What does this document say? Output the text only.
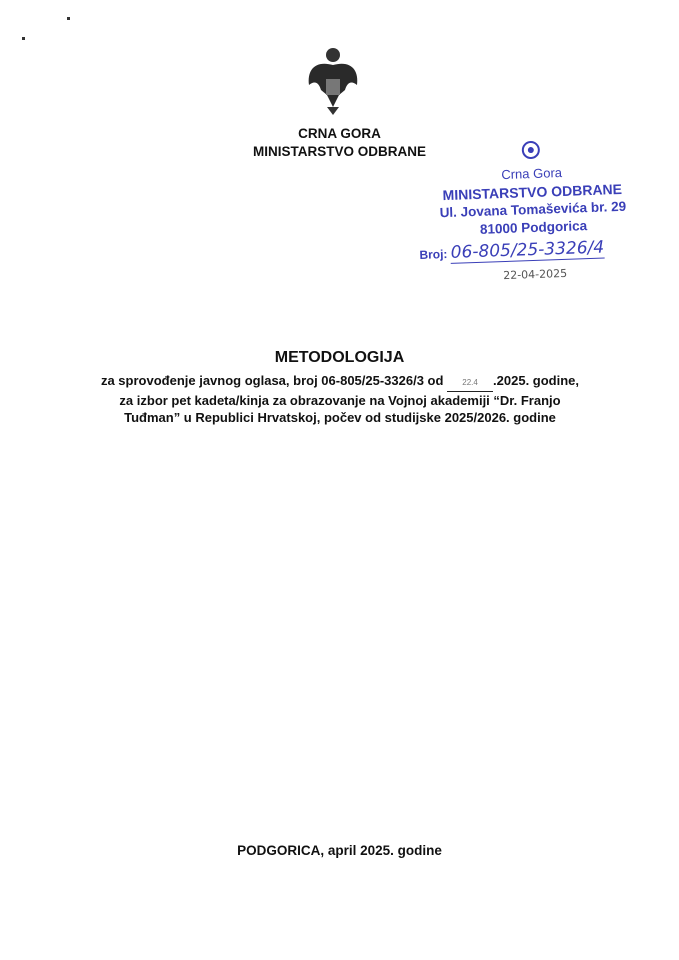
CRNA GORA
MINISTARSTVO ODBRANE
Crna Gora
MINISTARSTVO ODBRANE
Ul. Jovana Tomaševića br. 29
81000 Podgorica
Broj: 06-805/25-3326/4
22-04-2025
METODOLOGIJA
za sprovođenje javnog oglasa, broj 06-805/25-3326/3 od 22.4 .2025. godine,
za izbor pet kadeta/kinja za obrazovanje na Vojnoj akademiji “Dr. Franjo
Tuđman” u Republici Hrvatskoj, počev od studijske 2025/2026. godine
PODGORICA, april 2025. godine
